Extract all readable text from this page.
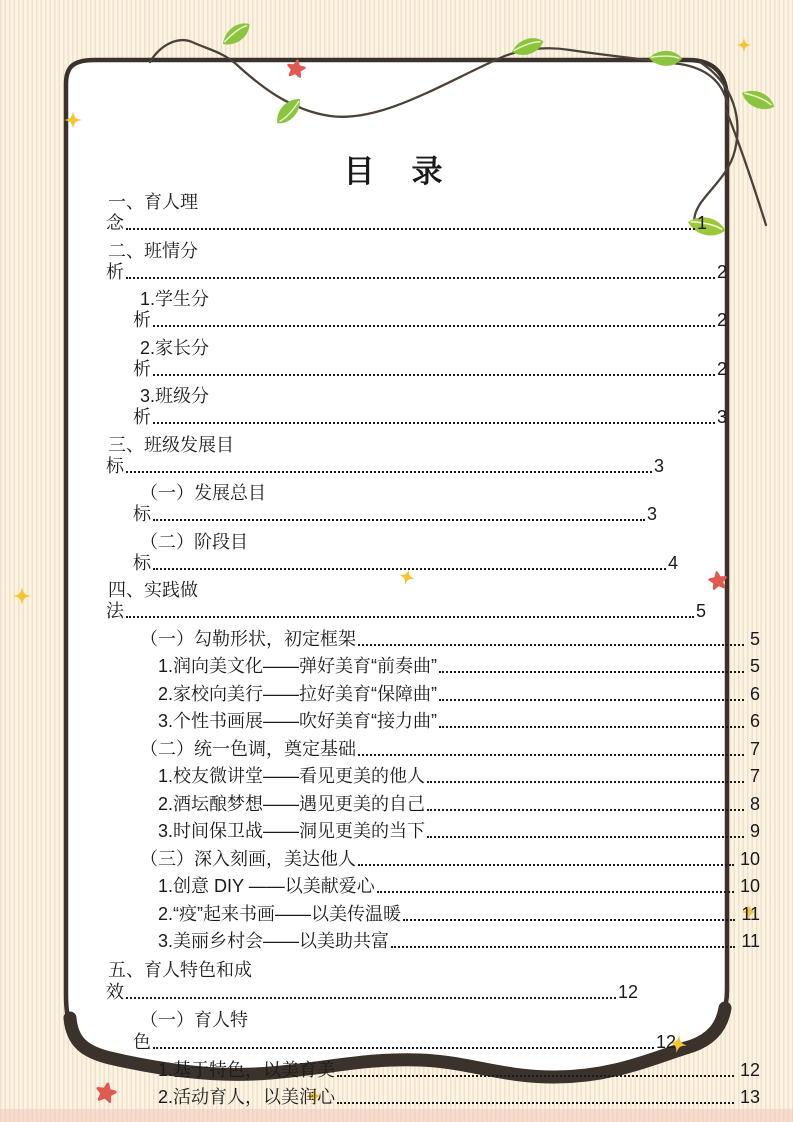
目　录
一、育人理
念	1
二、班情分
析	2
1.学生分
析	2
2.家长分
析	2
3.班级分
析	3
三、班级发展目
标	3
（一）发展总目
标	3
（二）阶段目
标	4
四、实践做
法	5
（一）勾勒形状，初定框架	5
1.润向美文化——弹好美育“前奏曲”	5
2.家校向美行——拉好美育“保障曲”	6
3.个性书画展——吹好美育“接力曲”	6
（二）统一色调，奠定基础	7
1.校友微讲堂——看见更美的他人	7
2.酒坛酿梦想——遇见更美的自己	8
3.时间保卫战——洞见更美的当下	9
（三）深入刻画，美达他人	10
1.创意 DIY ——以美献爱心	10
2.“疫”起来书画——以美传温暖	11
3.美丽乡村会——以美助共富	11
五、育人特色和成
效	12
（一）育人特
色	12
1.基于特色，以美育美	12
2.活动育人，以美润心	13
